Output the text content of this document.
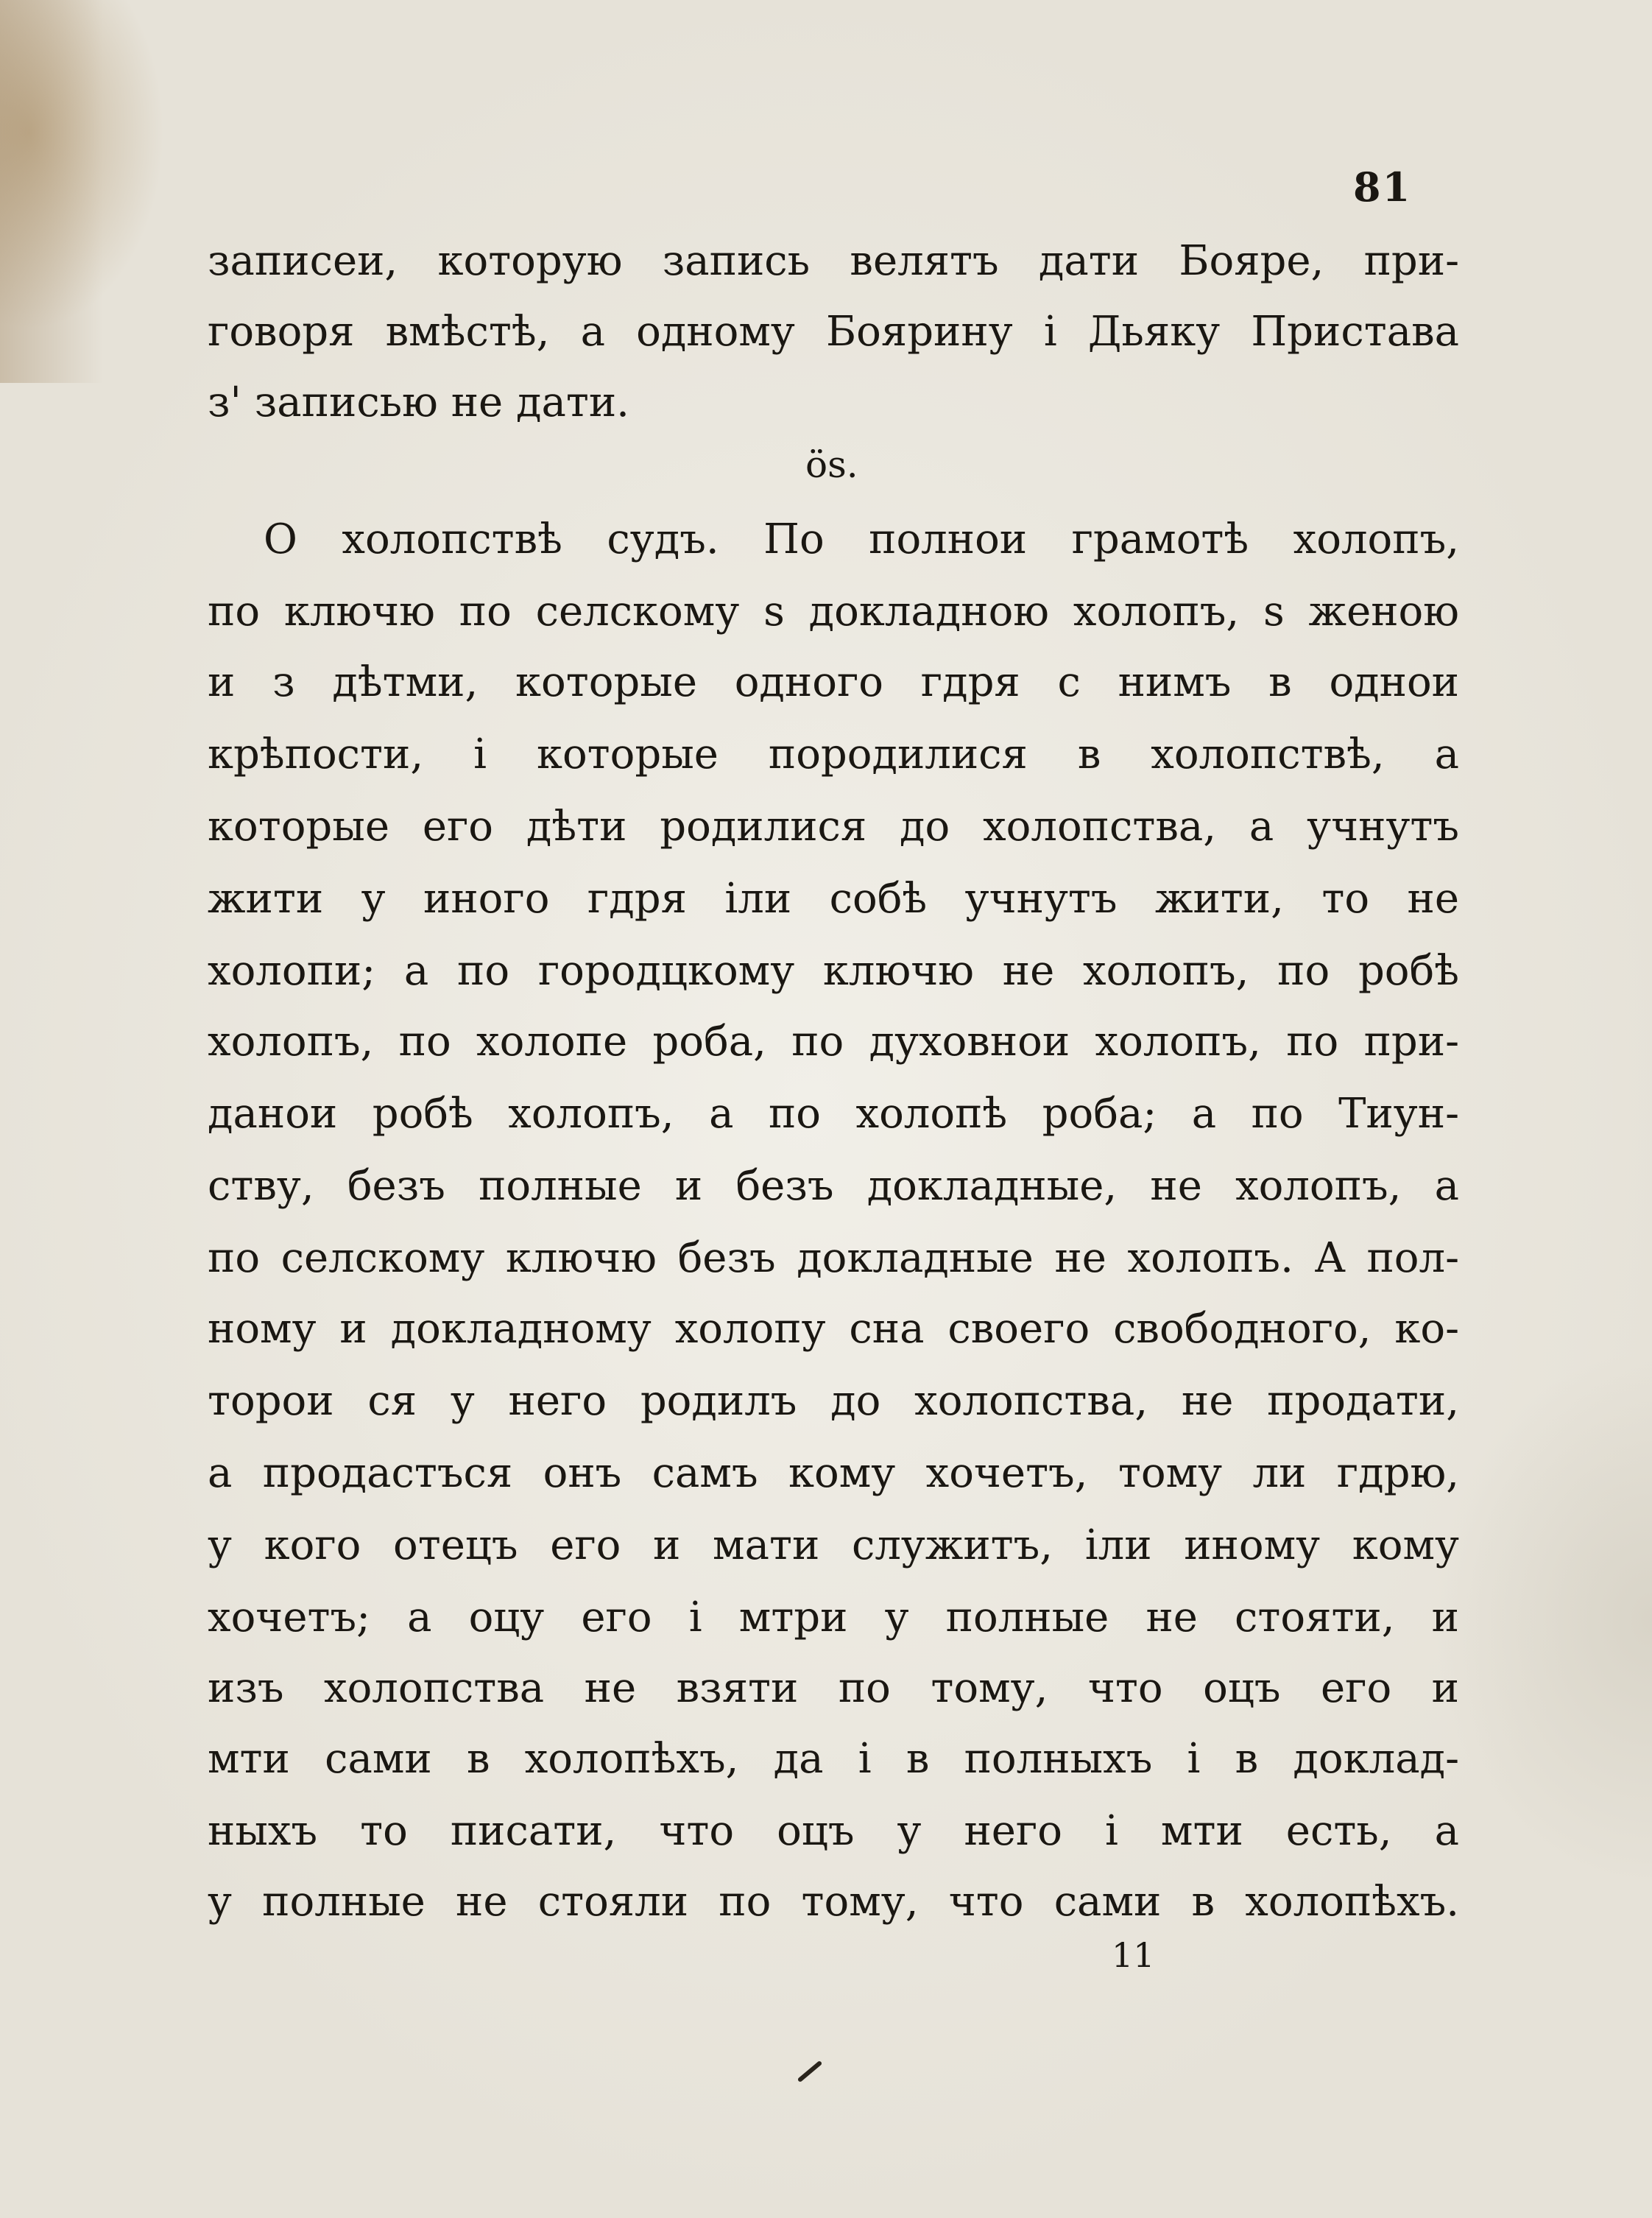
81
записеи, которую запись велятъ дати Бояре, при-
говоря вмѣстѣ, а одному Боярину і Дьяку Пристава
з' записью не дати.
ӧѕ.
О холопствѣ судъ. По полнои грамотѣ холопъ,
по ключю по селскому ѕ докладною холопъ, ѕ женою
и з дѣтми, которые одного гдря с нимъ в однои
крѣпости, і которые породилися в холопствѣ, а
которые его дѣти родилися до холопства, а учнутъ
жити у иного гдря іли собѣ учнутъ жити, то не
холопи; а по городцкому ключю не холопъ, по робѣ
холопъ, по холопе роба, по духовнои холопъ, по при-
данои робѣ холопъ, а по холопѣ роба; а по Тиун-
ству, безъ полные и безъ докладные, не холопъ, а
по селскому ключю безъ докладные не холопъ. А пол-
ному и докладному холопу сна своего свободного, ко-
торои ся у него родилъ до холопства, не продати,
а продастъся онъ самъ кому хочетъ, тому ли гдрю,
у кого отецъ его и мати служитъ, іли иному кому
хочетъ; а оцу его і мтри у полные не стояти, и
изъ холопства не взяти по тому, что оцъ его и
мти сами в холопѣхъ, да і в полныхъ і в доклад-
ныхъ то писати, что оцъ у него і мти есть, а
у полные не стояли по тому, что сами в холопѣхъ.
11
